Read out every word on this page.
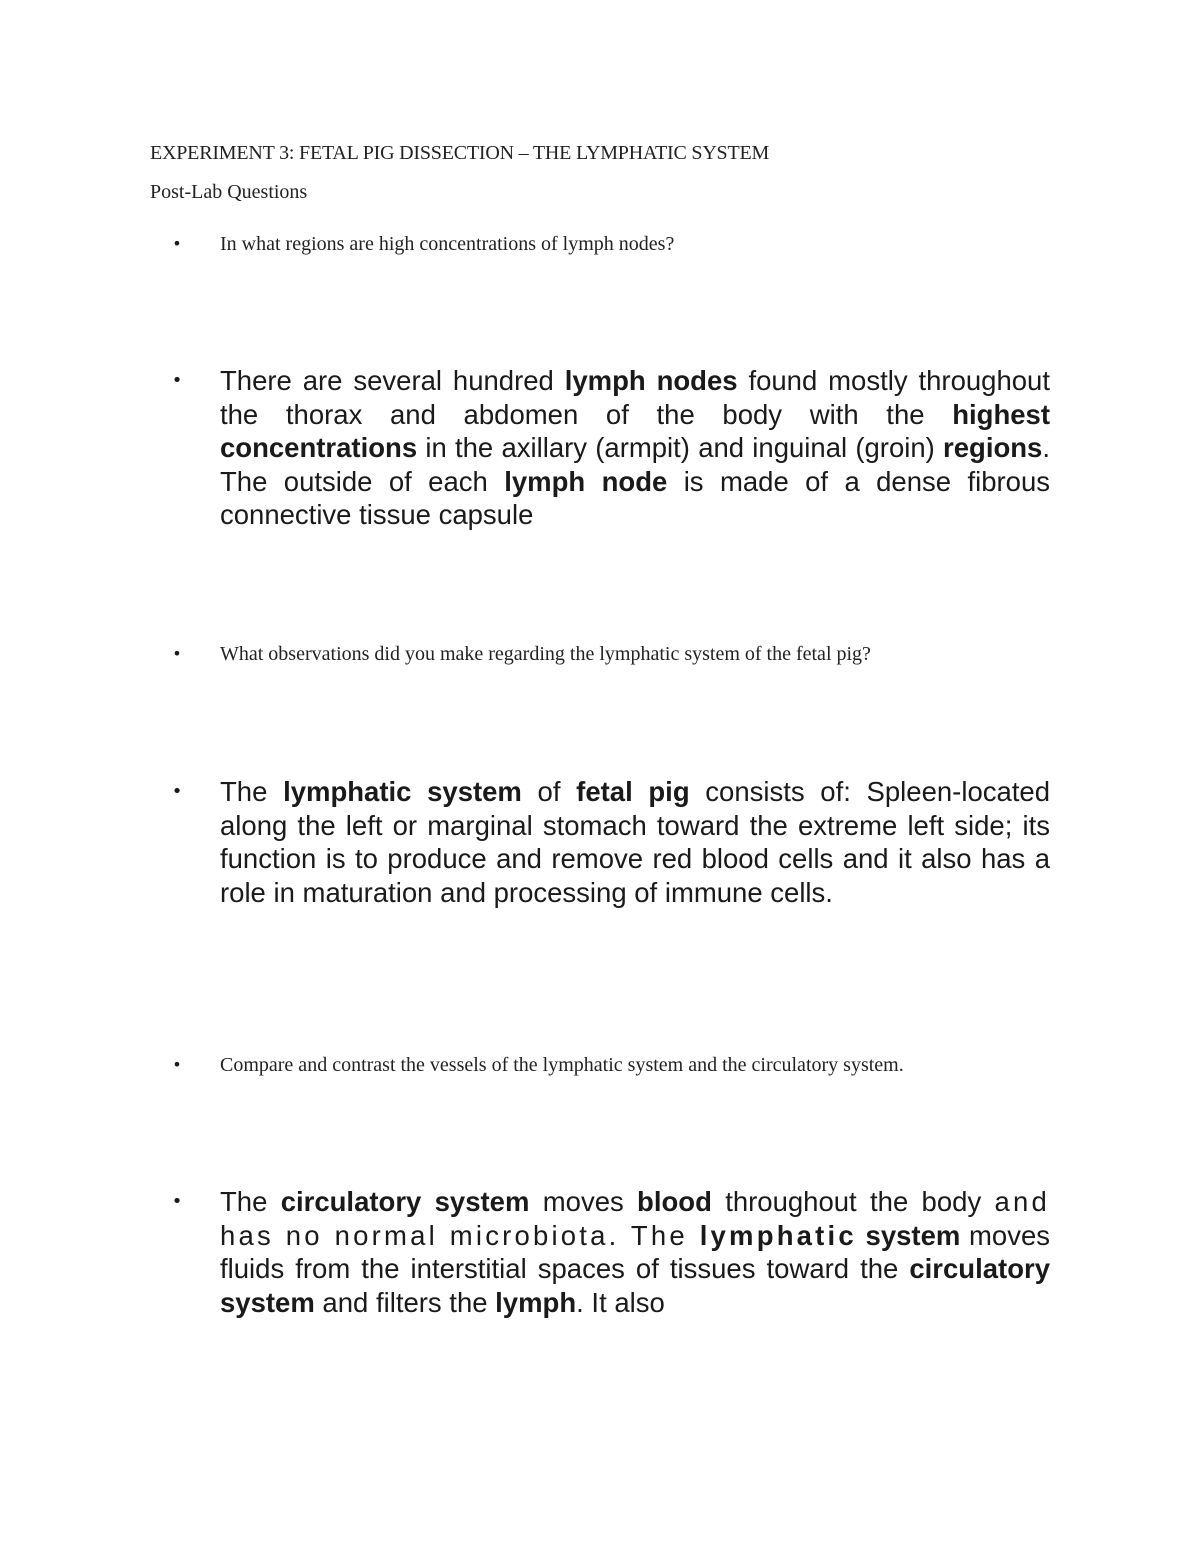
EXPERIMENT 3: FETAL PIG DISSECTION – THE LYMPHATIC SYSTEM
Post-Lab Questions
• In what regions are high concentrations of lymph nodes?
• There are several hundred lymph nodes found mostly throughout the thorax and abdomen of the body with the highest concentrations in the axillary (armpit) and inguinal (groin) regions. The outside of each lymph node is made of a dense fibrous connective tissue capsule
• What observations did you make regarding the lymphatic system of the fetal pig?
• The lymphatic system of fetal pig consists of: Spleen-located along the left or marginal stomach toward the extreme left side; its function is to produce and remove red blood cells and it also has a role in maturation and processing of immune cells.
• Compare and contrast the vessels of the lymphatic system and the circulatory system.
• The circulatory system moves blood throughout the body and has no normal microbiota. The lymphatic system moves fluids from the interstitial spaces of tissues toward the circulatory system and filters the lymph. It also
